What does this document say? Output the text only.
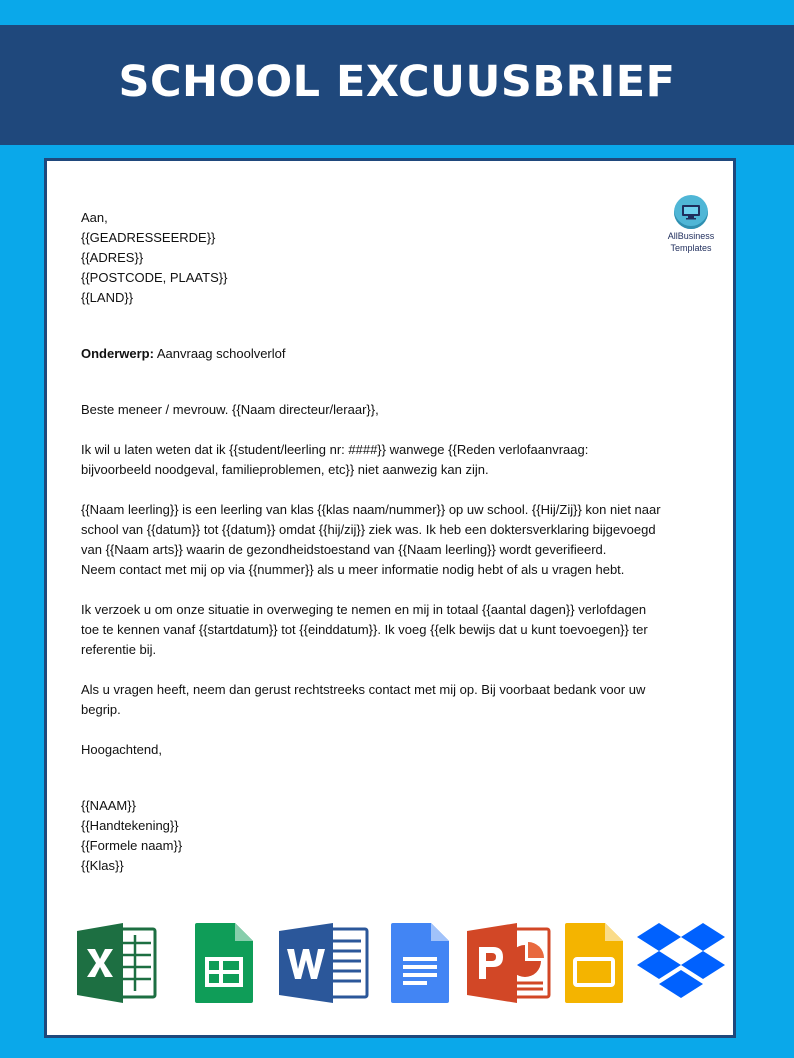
SCHOOL EXCUUSBRIEF
AllBusiness
Templates

Aan,

{{GEADRESSEERDE}}

{{ADRES}}

{{POSTCODE, PLAATS}}

{{LAND}}

Onderwerp: Aanvraag schoolverlof

Beste meneer / mevrouw. {{Naam directeur/leraar}},

Ik wil u laten weten dat ik {{student/leerling nr: ####}} wanwege {{Reden verlofaanvraag:

bijvoorbeeld noodgeval, familieproblemen, etc}} niet aanwezig kan zijn.

{{Naam leerling}} is een leerling van klas {{klas naam/nummer}} op uw school. {{Hij/Zij}} kon niet naar

school van {{datum}} tot {{datum}} omdat {{hij/zij}} ziek was. Ik heb een doktersverklaring bijgevoegd

van {{Naam arts}} waarin de gezondheidstoestand van {{Naam leerling}} wordt geverifieerd.

Neem contact met mij op via {{nummer}} als u meer informatie nodig hebt of als u vragen hebt.

Ik verzoek u om onze situatie in overweging te nemen en mij in totaal {{aantal dagen}} verlofdagen

toe te kennen vanaf {{startdatum}} tot {{einddatum}}. Ik voeg {{elk bewijs dat u kunt toevoegen}} ter

referentie bij.

Als u vragen heeft, neem dan gerust rechtstreeks contact met mij op. Bij voorbaat bedank voor uw

begrip.

Hoogachtend,

{{NAAM}}

{{Handtekening}}

{{Formele naam}}

{{Klas}}
